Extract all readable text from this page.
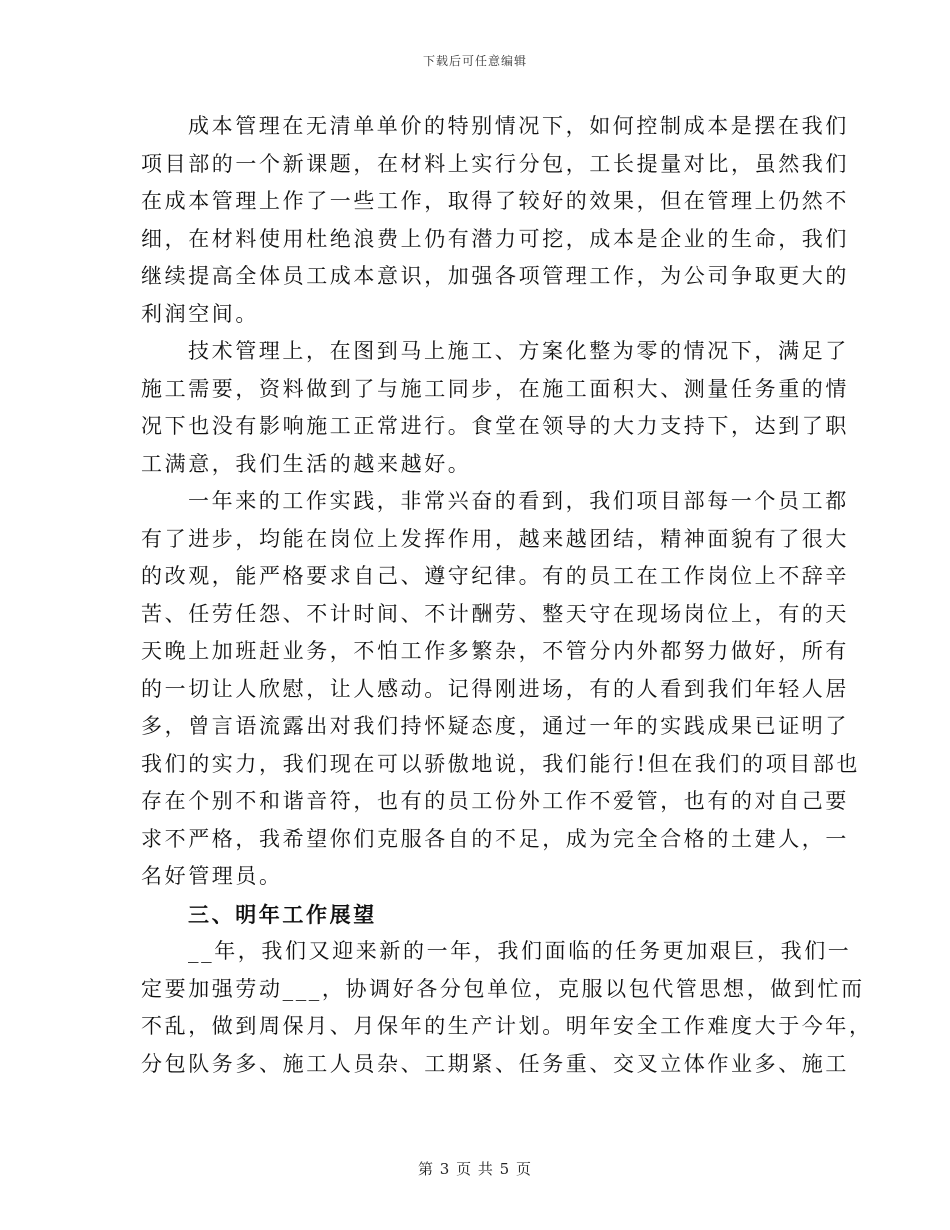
下载后可任意编辑
成本管理在无清单单价的特别情况下，如何控制成本是摆在我们
项目部的一个新课题，在材料上实行分包，工长提量对比，虽然我们
在成本管理上作了一些工作，取得了较好的效果，但在管理上仍然不
细，在材料使用杜绝浪费上仍有潜力可挖，成本是企业的生命，我们
继续提高全体员工成本意识，加强各项管理工作，为公司争取更大的
利润空间。
技术管理上，在图到马上施工、方案化整为零的情况下，满足了
施工需要，资料做到了与施工同步，在施工面积大、测量任务重的情
况下也没有影响施工正常进行。食堂在领导的大力支持下，达到了职
工满意，我们生活的越来越好。
一年来的工作实践，非常兴奋的看到，我们项目部每一个员工都
有了进步，均能在岗位上发挥作用，越来越团结，精神面貌有了很大
的改观，能严格要求自己、遵守纪律。有的员工在工作岗位上不辞辛
苦、任劳任怨、不计时间、不计酬劳、整天守在现场岗位上，有的天
天晚上加班赶业务，不怕工作多繁杂，不管分内外都努力做好，所有
的一切让人欣慰，让人感动。记得刚进场，有的人看到我们年轻人居
多，曾言语流露出对我们持怀疑态度，通过一年的实践成果已证明了
我们的实力，我们现在可以骄傲地说，我们能行!但在我们的项目部也
存在个别不和谐音符，也有的员工份外工作不爱管，也有的对自己要
求不严格，我希望你们克服各自的不足，成为完全合格的土建人，一
名好管理员。
三、明年工作展望
__年，我们又迎来新的一年，我们面临的任务更加艰巨，我们一
定要加强劳动___，协调好各分包单位，克服以包代管思想，做到忙而
不乱，做到周保月、月保年的生产计划。明年安全工作难度大于今年，
分包队务多、施工人员杂、工期紧、任务重、交叉立体作业多、施工
第 3 页 共 5 页
